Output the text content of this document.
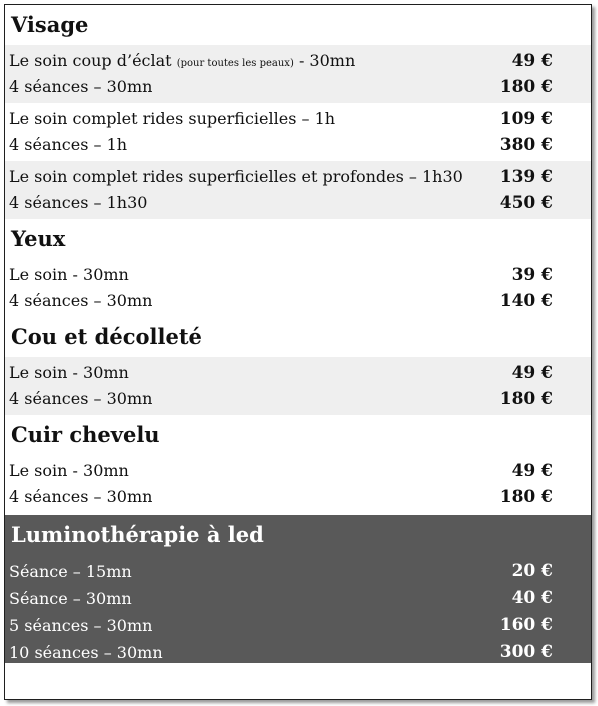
Visage
Le soin coup d’éclat (pour toutes les peaux) - 30mn	49 €
4 séances – 30mn	180 €
Le soin complet rides superficielles – 1h	109 €
4 séances – 1h	380 €
Le soin complet rides superficielles et profondes – 1h30	139 €
4 séances – 1h30	450 €
Yeux
Le soin - 30mn	39 €
4 séances – 30mn	140 €
Cou et décolleté
Le soin - 30mn	49 €
4 séances – 30mn	180 €
Cuir chevelu
Le soin - 30mn	49 €
4 séances – 30mn	180 €
Luminothérapie à led
Séance – 15mn	20 €
Séance – 30mn	40 €
5 séances – 30mn	160 €
10 séances – 30mn	300 €
